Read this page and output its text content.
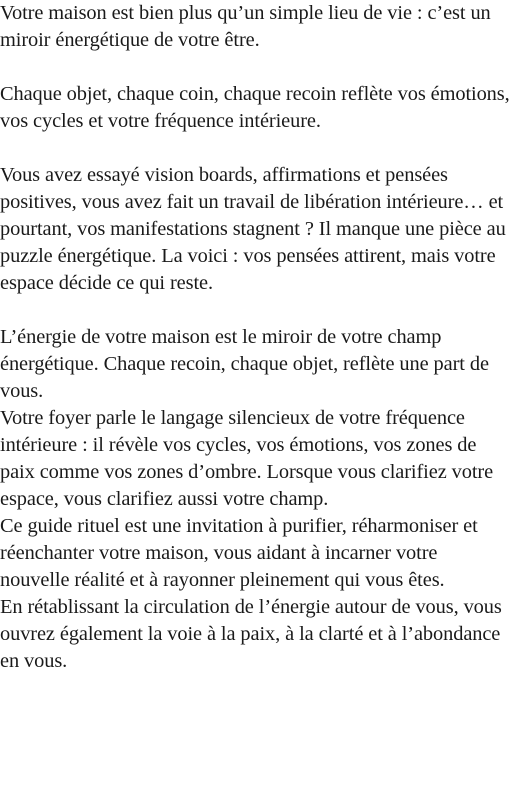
Votre maison est bien plus qu’un simple lieu de vie : c’est un miroir énergétique de votre être.

Chaque objet, chaque coin, chaque recoin reflète vos émotions, vos cycles et votre fréquence intérieure.

Vous avez essayé vision boards, affirmations et pensées positives, vous avez fait un travail de libération intérieure… et pourtant, vos manifestations stagnent ? Il manque une pièce au puzzle énergétique. La voici : vos pensées attirent, mais votre espace décide ce qui reste.

L’énergie de votre maison est le miroir de votre champ énergétique. Chaque recoin, chaque objet, reflète une part de vous.

Votre foyer parle le langage silencieux de votre fréquence intérieure : il révèle vos cycles, vos émotions, vos zones de paix comme vos zones d’ombre. Lorsque vous clarifiez votre espace, vous clarifiez aussi votre champ.

Ce guide rituel est une invitation à purifier, réharmoniser et réenchanter votre maison, vous aidant à incarner votre nouvelle réalité et à rayonner pleinement qui vous êtes.

En rétablissant la circulation de l’énergie autour de vous, vous ouvrez également la voie à la paix, à la clarté et à l’abondance en vous.
